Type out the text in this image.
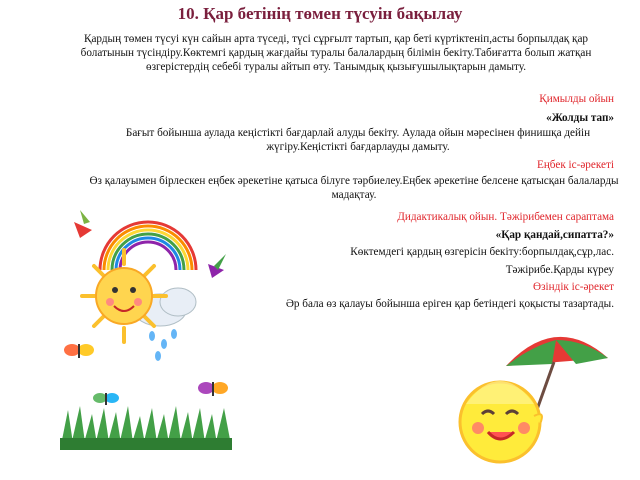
10. Қар бетінің төмен түсуін бақылау
Қардың төмен түсуі күн сайын арта түседі, түсі сұрғылт тартып, қар беті күртіктеніп,асты борпылдақ қар болатынын түсіндіру.Көктемгі қардың жағдайы туралы балалардың білімін бекіту.Табиғатта болып жатқан өзгерістердің себебі туралы айтып өту. Танымдық қызығушылықтарын дамыту.
Қимылды ойын
«Жолды тап»
Бағыт бойынша аулада кеңістікті бағдарлай алуды бекіту. Аулада ойын мәресінен финишқа дейін жүгіру.Кеңістікті бағдарлауды дамыту.
Еңбек іс-әрекеті
Өз қалауымен бірлескен еңбек әрекетіне қатыса білуге тәрбиелеу.Еңбек әрекетіне белсене қатысқан балаларды мадақтау.
Дидактикалық ойын. Тәжірибемен сараптама
«Қар қандай,сипатта?»
Көктемдегі қардың өзгерісін бекіту:борпылдақ,сұр,лас.
Тәжірибе.Қарды күреу
Өзіндік іс-әрекет
Әр бала өз қалауы бойынша еріген қар бетіндегі қоқысты тазартады.
